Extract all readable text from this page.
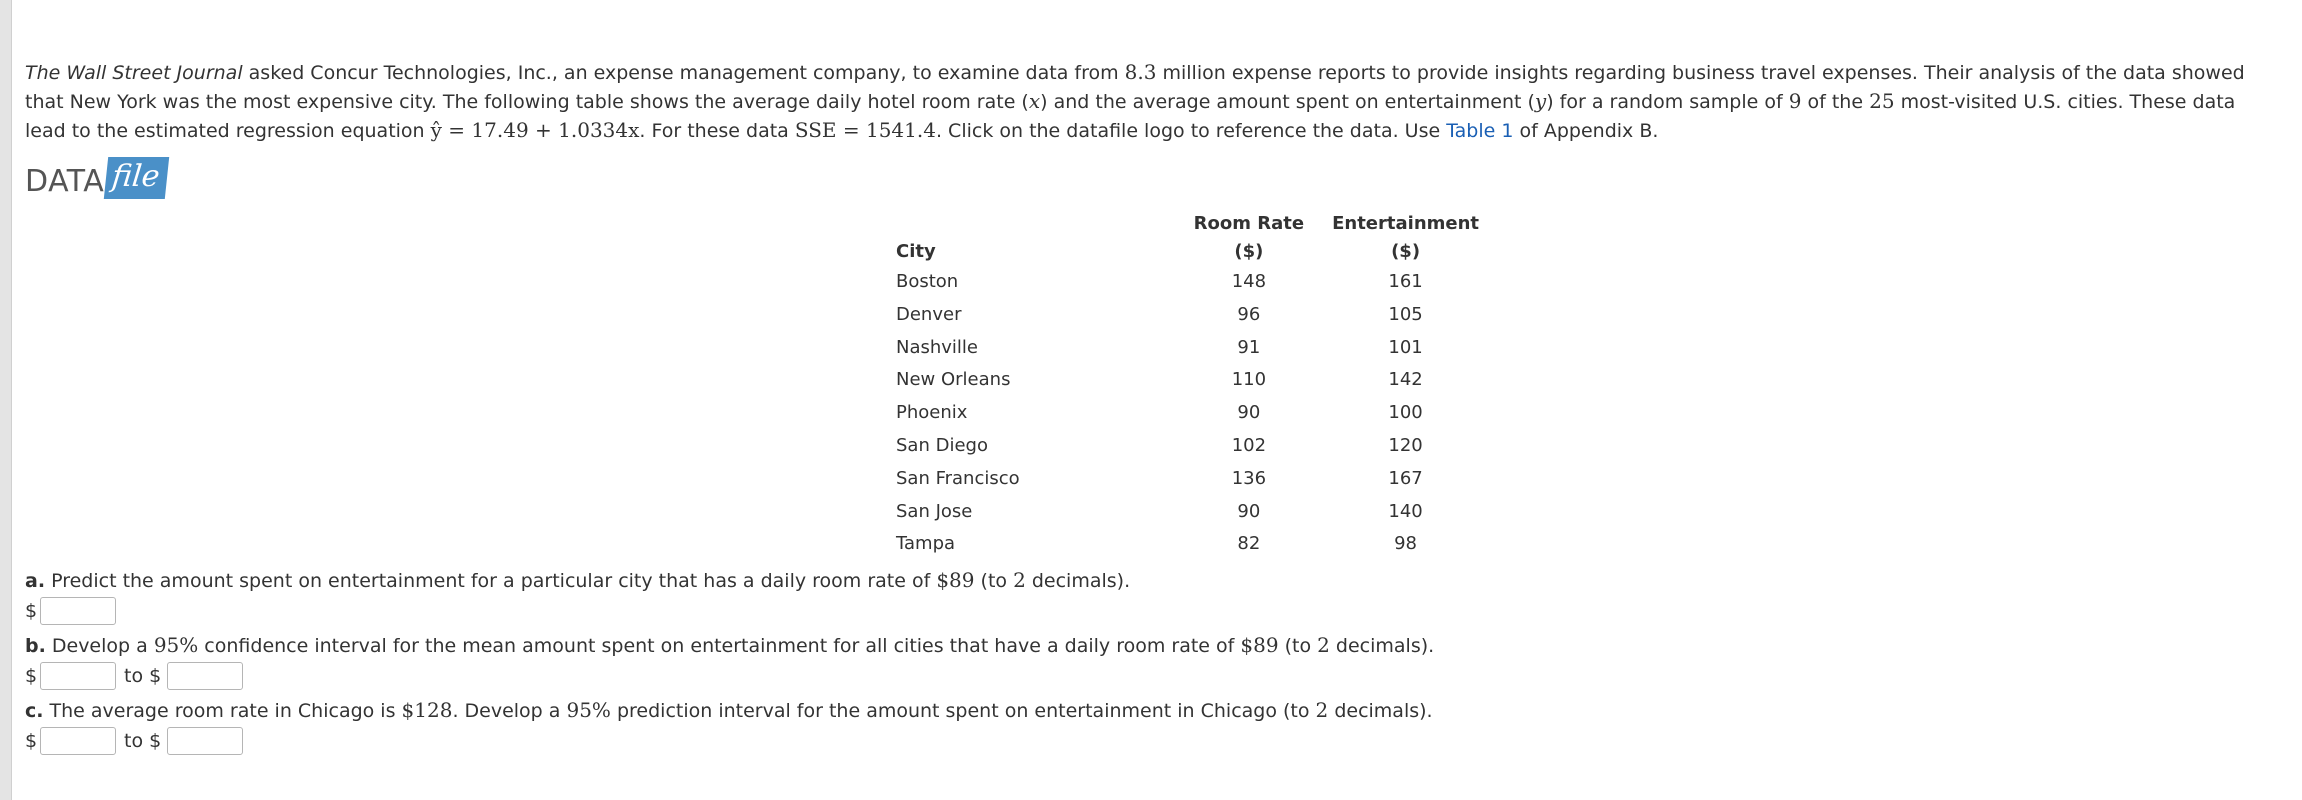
The Wall Street Journal asked Concur Technologies, Inc., an expense management company, to examine data from 8.3 million expense reports to provide insights regarding business travel expenses. Their analysis of the data showed that New York was the most expensive city. The following table shows the average daily hotel room rate (x) and the average amount spent on entertainment (y) for a random sample of 9 of the 25 most-visited U.S. cities. These data lead to the estimated regression equation ŷ = 17.49 + 1.0334x. For these data SSE = 1541.4. Click on the datafile logo to reference the data. Use Table 1 of Appendix B.

DATA file
	Room Rate	Entertainment
City	($)	($)
Boston	148	161
Denver	96	105
Nashville	91	101
New Orleans	110	142
Phoenix	90	100
San Diego	102	120
San Francisco	136	167
San Jose	90	140
Tampa	82	98
a. Predict the amount spent on entertainment for a particular city that has a daily room rate of $89 (to 2 decimals).
$
b. Develop a 95% confidence interval for the mean amount spent on entertainment for all cities that have a daily room rate of $89 (to 2 decimals).
$	to $
c. The average room rate in Chicago is $128. Develop a 95% prediction interval for the amount spent on entertainment in Chicago (to 2 decimals).
$	to $
